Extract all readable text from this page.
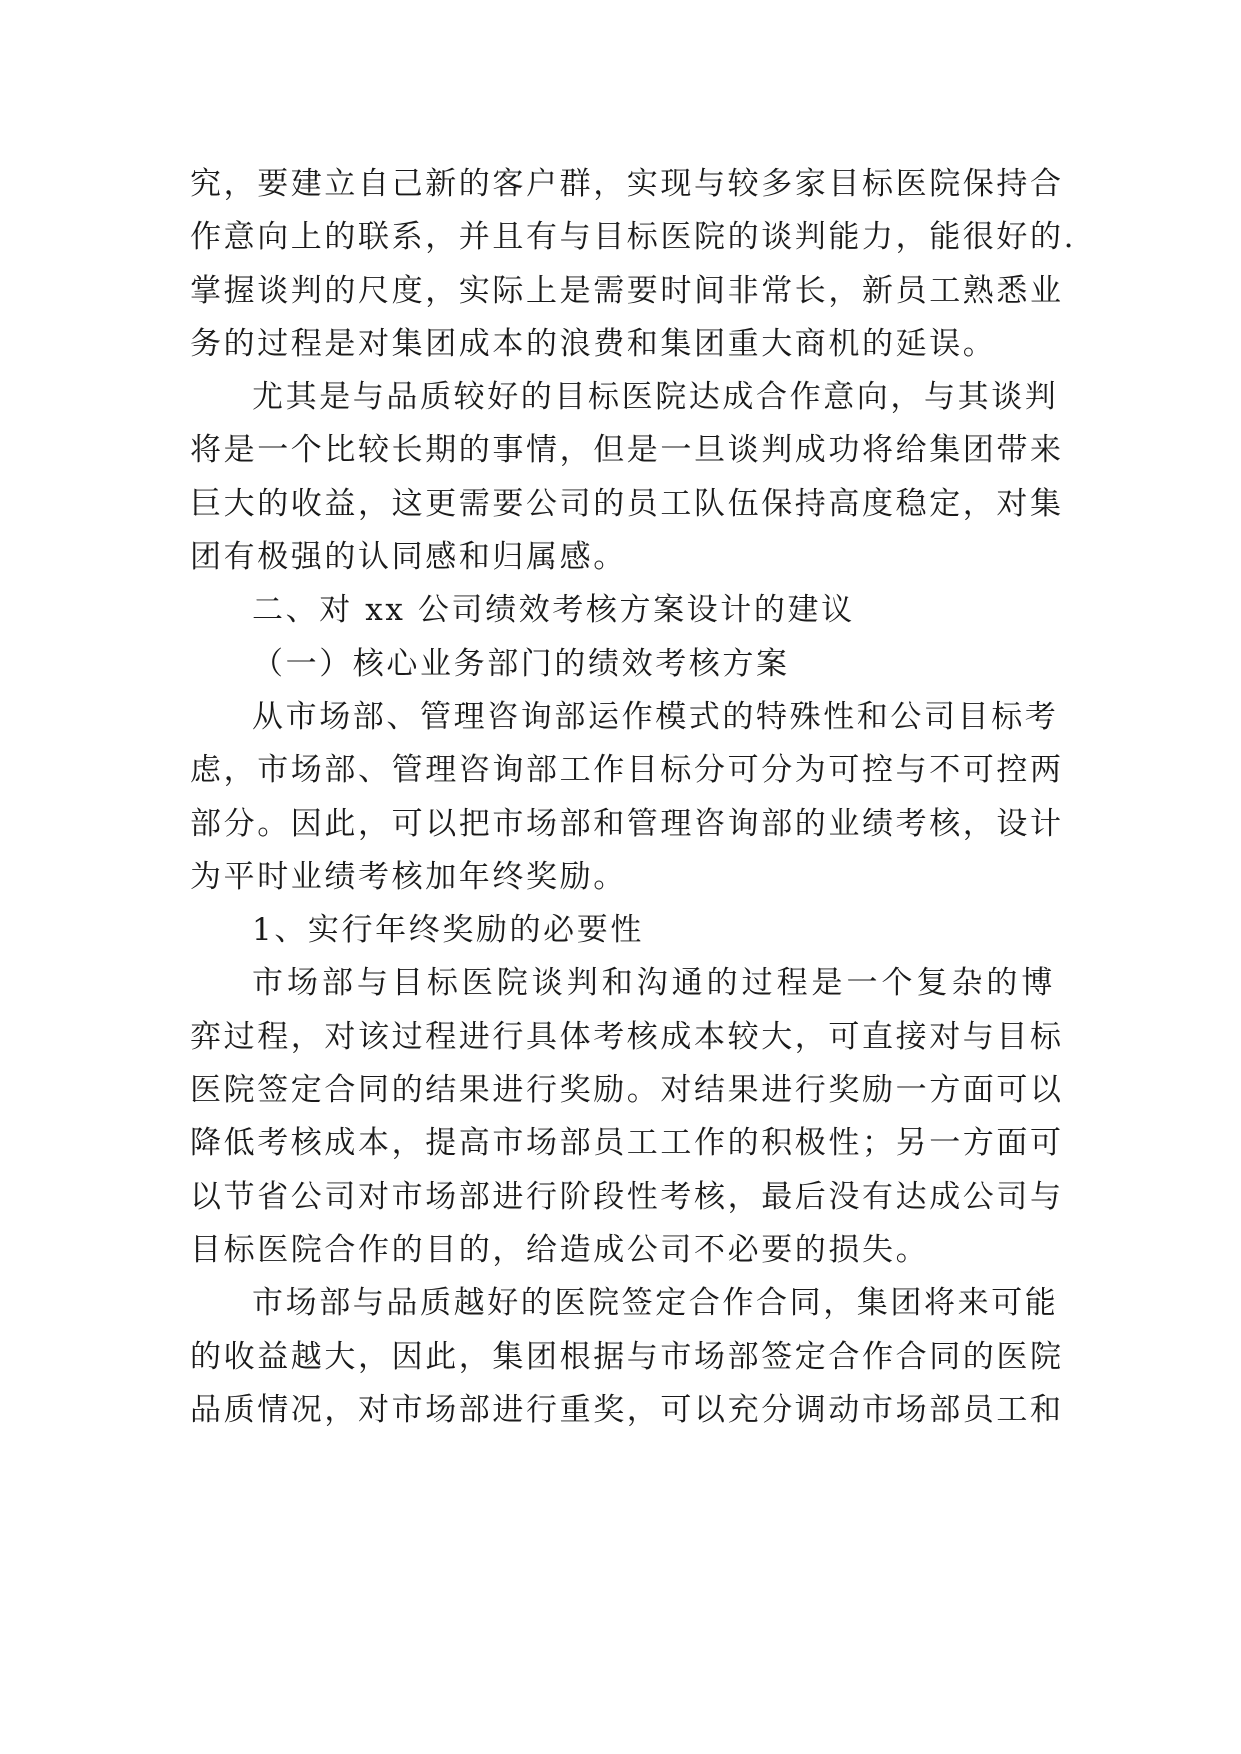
究，要建立自己新的客户群，实现与较多家目标医院保持合
作意向上的联系，并且有与目标医院的谈判能力，能很好的.
掌握谈判的尺度，实际上是需要时间非常长，新员工熟悉业
务的过程是对集团成本的浪费和集团重大商机的延误。
尤其是与品质较好的目标医院达成合作意向，与其谈判
将是一个比较长期的事情，但是一旦谈判成功将给集团带来
巨大的收益，这更需要公司的员工队伍保持高度稳定，对集
团有极强的认同感和归属感。
二、对 xx 公司绩效考核方案设计的建议
（一）核心业务部门的绩效考核方案
从市场部、管理咨询部运作模式的特殊性和公司目标考
虑，市场部、管理咨询部工作目标分可分为可控与不可控两
部分。因此，可以把市场部和管理咨询部的业绩考核，设计
为平时业绩考核加年终奖励。
1、实行年终奖励的必要性
市场部与目标医院谈判和沟通的过程是一个复杂的博
弈过程，对该过程进行具体考核成本较大，可直接对与目标
医院签定合同的结果进行奖励。对结果进行奖励一方面可以
降低考核成本，提高市场部员工工作的积极性；另一方面可
以节省公司对市场部进行阶段性考核，最后没有达成公司与
目标医院合作的目的，给造成公司不必要的损失。
市场部与品质越好的医院签定合作合同，集团将来可能
的收益越大，因此，集团根据与市场部签定合作合同的医院
品质情况，对市场部进行重奖，可以充分调动市场部员工和
